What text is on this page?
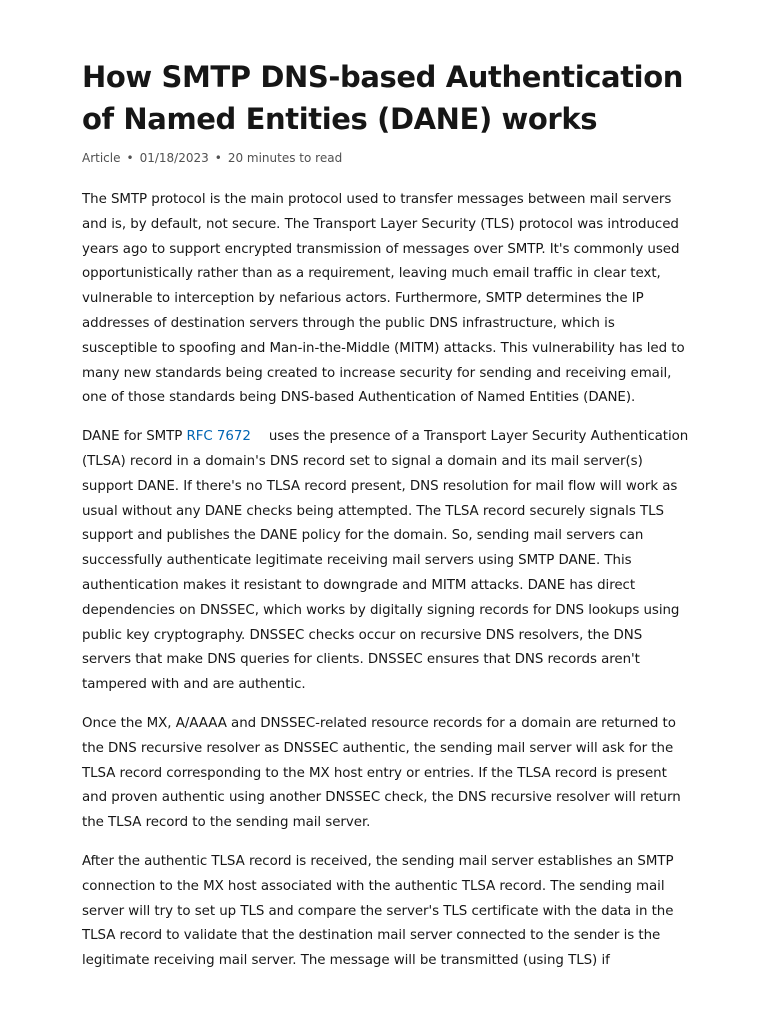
How SMTP DNS-based Authentication of Named Entities (DANE) works
Article • 01/18/2023 • 20 minutes to read

The SMTP protocol is the main protocol used to transfer messages between mail servers and is, by default, not secure. The Transport Layer Security (TLS) protocol was introduced years ago to support encrypted transmission of messages over SMTP. It's commonly used opportunistically rather than as a requirement, leaving much email traffic in clear text, vulnerable to interception by nefarious actors. Furthermore, SMTP determines the IP addresses of destination servers through the public DNS infrastructure, which is susceptible to spoofing and Man-in-the-Middle (MITM) attacks. This vulnerability has led to many new standards being created to increase security for sending and receiving email, one of those standards being DNS-based Authentication of Named Entities (DANE).

DANE for SMTP RFC 7672 uses the presence of a Transport Layer Security Authentication (TLSA) record in a domain's DNS record set to signal a domain and its mail server(s) support DANE. If there's no TLSA record present, DNS resolution for mail flow will work as usual without any DANE checks being attempted. The TLSA record securely signals TLS support and publishes the DANE policy for the domain. So, sending mail servers can successfully authenticate legitimate receiving mail servers using SMTP DANE. This authentication makes it resistant to downgrade and MITM attacks. DANE has direct dependencies on DNSSEC, which works by digitally signing records for DNS lookups using public key cryptography. DNSSEC checks occur on recursive DNS resolvers, the DNS servers that make DNS queries for clients. DNSSEC ensures that DNS records aren't tampered with and are authentic.

Once the MX, A/AAAA and DNSSEC-related resource records for a domain are returned to the DNS recursive resolver as DNSSEC authentic, the sending mail server will ask for the TLSA record corresponding to the MX host entry or entries. If the TLSA record is present and proven authentic using another DNSSEC check, the DNS recursive resolver will return the TLSA record to the sending mail server.

After the authentic TLSA record is received, the sending mail server establishes an SMTP connection to the MX host associated with the authentic TLSA record. The sending mail server will try to set up TLS and compare the server's TLS certificate with the data in the TLSA record to validate that the destination mail server connected to the sender is the legitimate receiving mail server. The message will be transmitted (using TLS) if
